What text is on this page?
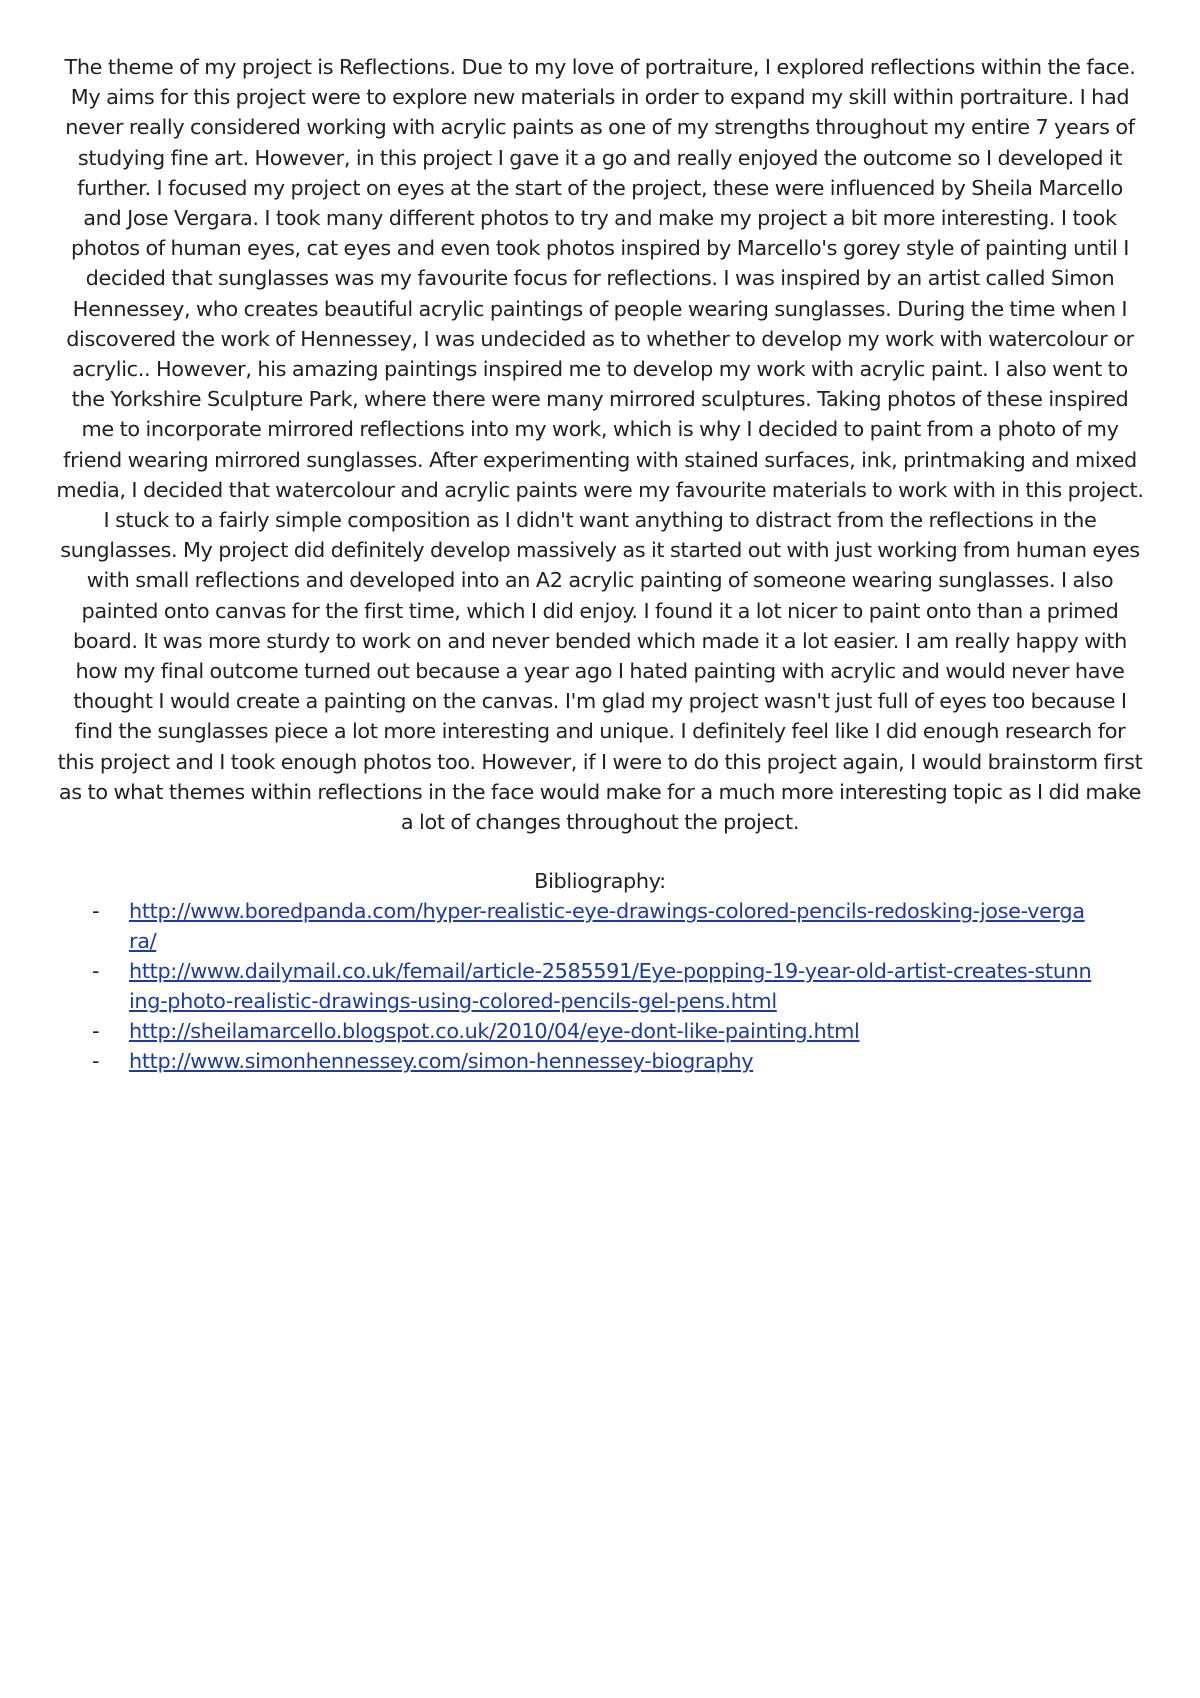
The theme of my project is Reflections. Due to my love of portraiture, I explored reflections within the face. My aims for this project were to explore new materials in order to expand my skill within portraiture. I had never really considered working with acrylic paints as one of my strengths throughout my entire 7 years of studying fine art. However, in this project I gave it a go and really enjoyed the outcome so I developed it further. I focused my project on eyes at the start of the project, these were influenced by Sheila Marcello and Jose Vergara. I took many different photos to try and make my project a bit more interesting. I took photos of human eyes, cat eyes and even took photos inspired by Marcello's gorey style of painting until I decided that sunglasses was my favourite focus for reflections. I was inspired by an artist called Simon Hennessey, who creates beautiful acrylic paintings of people wearing sunglasses. During the time when I discovered the work of Hennessey, I was undecided as to whether to develop my work with watercolour or acrylic.. However, his amazing paintings inspired me to develop my work with acrylic paint. I also went to the Yorkshire Sculpture Park, where there were many mirrored sculptures. Taking photos of these inspired me to incorporate mirrored reflections into my work, which is why I decided to paint from a photo of my friend wearing mirrored sunglasses. After experimenting with stained surfaces, ink, printmaking and mixed media, I decided that watercolour and acrylic paints were my favourite materials to work with in this project. I stuck to a fairly simple composition as I didn't want anything to distract from the reflections in the sunglasses. My project did definitely develop massively as it started out with just working from human eyes with small reflections and developed into an A2 acrylic painting of someone wearing sunglasses. I also painted onto canvas for the first time, which I did enjoy. I found it a lot nicer to paint onto than a primed board. It was more sturdy to work on and never bended which made it a lot easier. I am really happy with how my final outcome turned out because a year ago I hated painting with acrylic and would never have thought I would create a painting on the canvas. I'm glad my project wasn't just full of eyes too because I find the sunglasses piece a lot more interesting and unique. I definitely feel like I did enough research for this project and I took enough photos too. However, if I were to do this project again, I would brainstorm first as to what themes within reflections in the face would make for a much more interesting topic as I did make a lot of changes throughout the project.

Bibliography:

- http://www.boredpanda.com/hyper-realistic-eye-drawings-colored-pencils-redosking-jose-vergara/
- http://www.dailymail.co.uk/femail/article-2585591/Eye-popping-19-year-old-artist-creates-stunning-photo-realistic-drawings-using-colored-pencils-gel-pens.html
- http://sheilamarcello.blogspot.co.uk/2010/04/eye-dont-like-painting.html
- http://www.simonhennessey.com/simon-hennessey-biography
